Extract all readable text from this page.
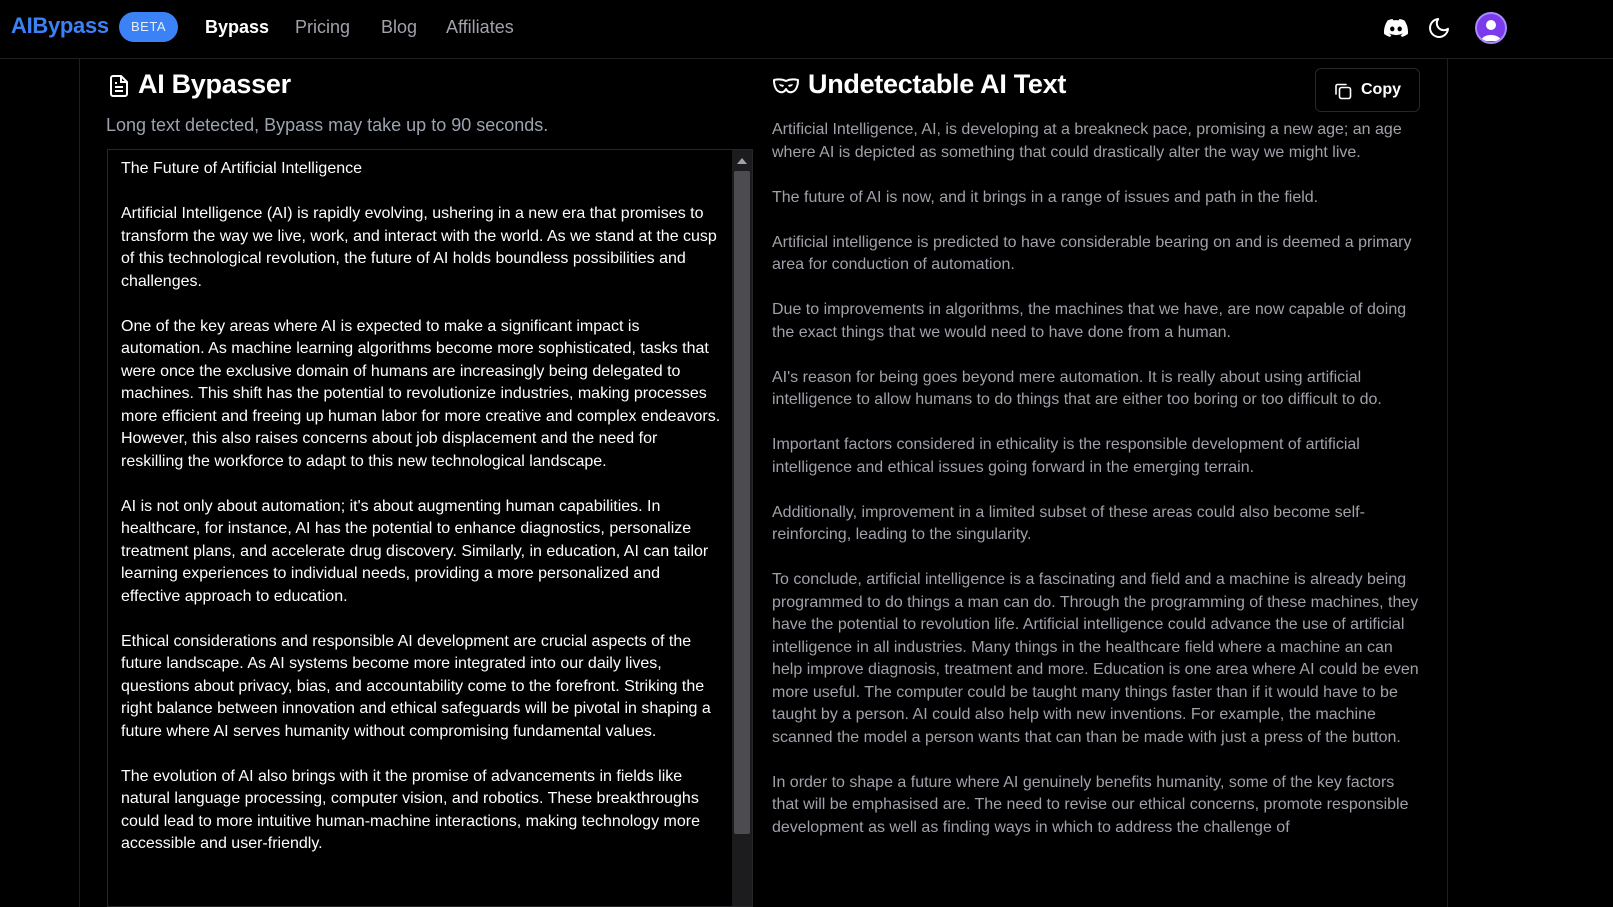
AIBypass	BETA	Bypass Pricing Blog Affiliates
AI Bypasser
Long text detected, Bypass may take up to 90 seconds.

The Future of Artificial Intelligence

Artificial Intelligence (AI) is rapidly evolving, ushering in a new era that promises to transform the way we live, work, and interact with the world. As we stand at the cusp of this technological revolution, the future of AI holds boundless possibilities and challenges.

One of the key areas where AI is expected to make a significant impact is automation. As machine learning algorithms become more sophisticated, tasks that were once the exclusive domain of humans are increasingly being delegated to machines. This shift has the potential to revolutionize industries, making processes more efficient and freeing up human labor for more creative and complex endeavors. However, this also raises concerns about job displacement and the need for reskilling the workforce to adapt to this new technological landscape.

AI is not only about automation; it's about augmenting human capabilities. In healthcare, for instance, AI has the potential to enhance diagnostics, personalize treatment plans, and accelerate drug discovery. Similarly, in education, AI can tailor learning experiences to individual needs, providing a more personalized and effective approach to education.

Ethical considerations and responsible AI development are crucial aspects of the future landscape. As AI systems become more integrated into our daily lives, questions about privacy, bias, and accountability come to the forefront. Striking the right balance between innovation and ethical safeguards will be pivotal in shaping a future where AI serves humanity without compromising fundamental values.

The evolution of AI also brings with it the promise of advancements in fields like natural language processing, computer vision, and robotics. These breakthroughs could lead to more intuitive human-machine interactions, making technology more accessible and user-friendly.

Undetectable AI Text	Copy

Artificial Intelligence, AI, is developing at a breakneck pace, promising a new age; an age where AI is depicted as something that could drastically alter the way we might live.

The future of AI is now, and it brings in a range of issues and path in the field.

Artificial intelligence is predicted to have considerable bearing on and is deemed a primary area for conduction of automation.

Due to improvements in algorithms, the machines that we have, are now capable of doing the exact things that we would need to have done from a human.

AI's reason for being goes beyond mere automation. It is really about using artificial intelligence to allow humans to do things that are either too boring or too difficult to do.

Important factors considered in ethicality is the responsible development of artificial intelligence and ethical issues going forward in the emerging terrain.

Additionally, improvement in a limited subset of these areas could also become self-reinforcing, leading to the singularity.

To conclude, artificial intelligence is a fascinating and field and a machine is already being programmed to do things a man can do. Through the programming of these machines, they have the potential to revolution life. Artificial intelligence could advance the use of artificial intelligence in all industries. Many things in the healthcare field where a machine an can help improve diagnosis, treatment and more. Education is one area where AI could be even more useful. The computer could be taught many things faster than if it would have to be taught by a person. AI could also help with new inventions. For example, the machine scanned the model a person wants that can than be made with just a press of the button.

In order to shape a future where AI genuinely benefits humanity, some of the key factors that will be emphasised are. The need to revise our ethical concerns, promote responsible development as well as finding ways in which to address the challenge of
